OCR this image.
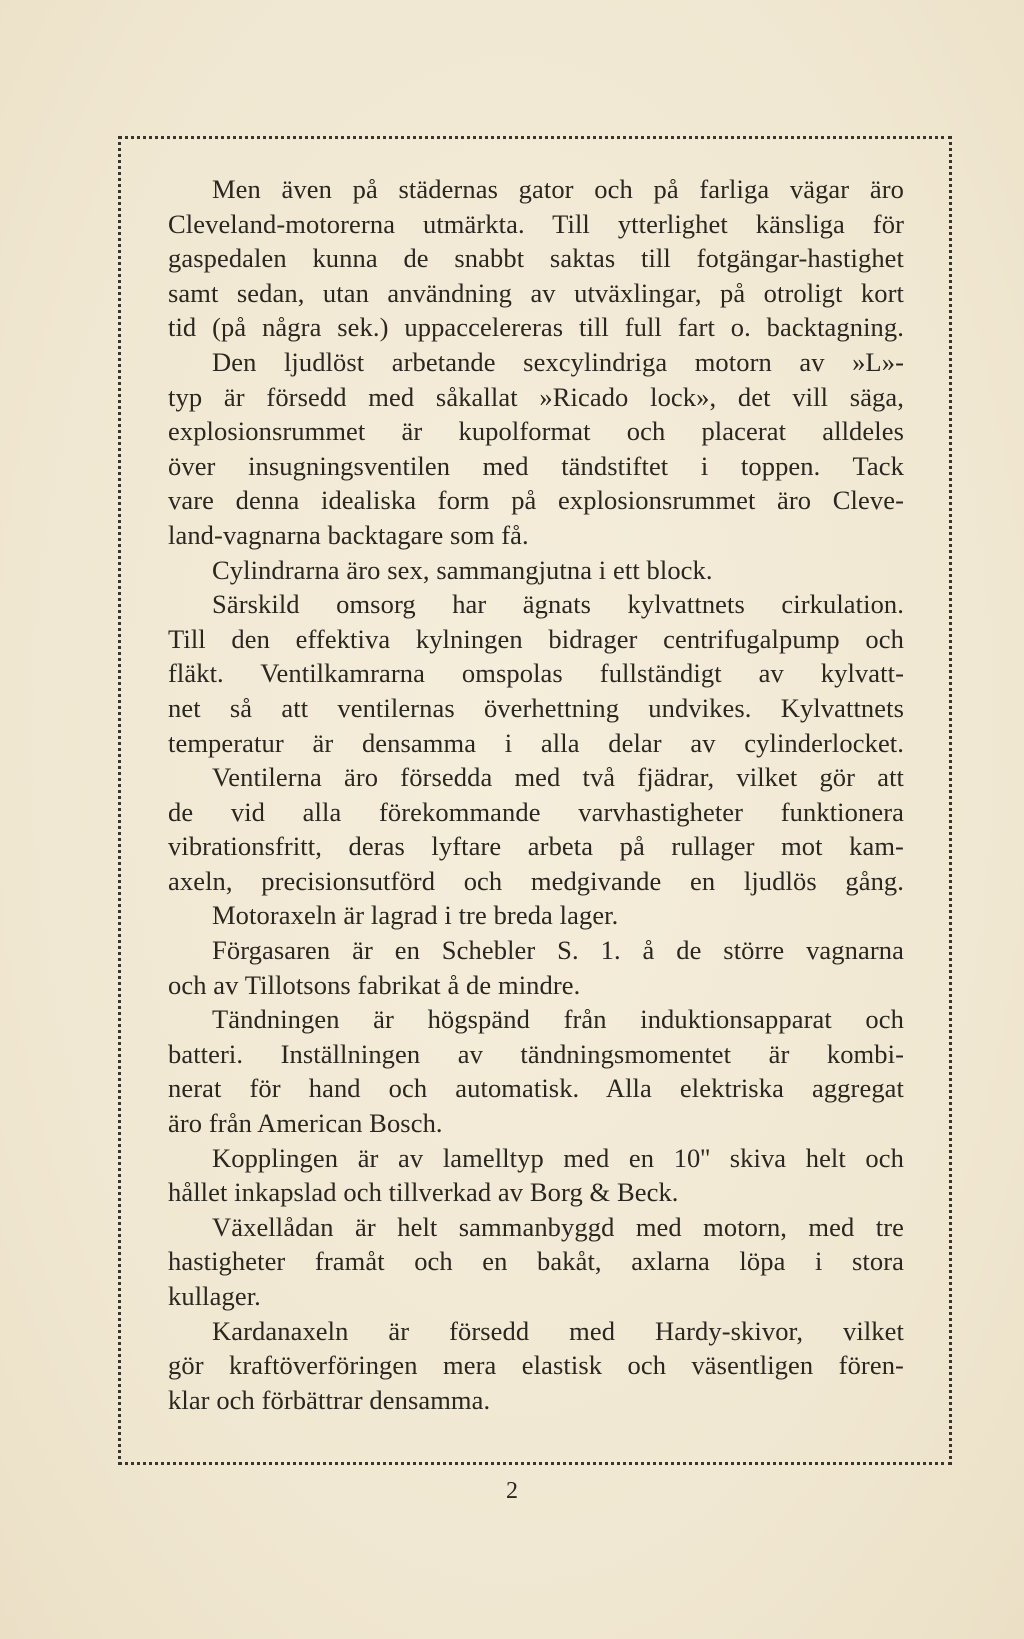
Men även på städernas gator och på farliga vägar äro
Cleveland-motorerna utmärkta. Till ytterlighet känsliga för
gaspedalen kunna de snabbt saktas till fotgängar-hastighet
samt sedan, utan användning av utväxlingar, på otroligt kort
tid (på några sek.) uppaccelereras till full fart o. backtagning.
Den ljudlöst arbetande sexcylindriga motorn av »L»-
typ är försedd med såkallat »Ricado lock», det vill säga,
explosionsrummet är kupolformat och placerat alldeles
över insugningsventilen med tändstiftet i toppen. Tack
vare denna idealiska form på explosionsrummet äro Cleve-
land-vagnarna backtagare som få.
Cylindrarna äro sex, sammangjutna i ett block.
Särskild omsorg har ägnats kylvattnets cirkulation.
Till den effektiva kylningen bidrager centrifugalpump och
fläkt. Ventilkamrarna omspolas fullständigt av kylvatt-
net så att ventilernas överhettning undvikes. Kylvattnets
temperatur är densamma i alla delar av cylinderlocket.
Ventilerna äro försedda med två fjädrar, vilket gör att
de vid alla förekommande varvhastigheter funktionera
vibrationsfritt, deras lyftare arbeta på rullager mot kam-
axeln, precisionsutförd och medgivande en ljudlös gång.
Motoraxeln är lagrad i tre breda lager.
Förgasaren är en Schebler S. 1. å de större vagnarna
och av Tillotsons fabrikat å de mindre.
Tändningen är högspänd från induktionsapparat och
batteri. Inställningen av tändningsmomentet är kombi-
nerat för hand och automatisk. Alla elektriska aggregat
äro från American Bosch.
Kopplingen är av lamelltyp med en 10'' skiva helt och
hållet inkapslad och tillverkad av Borg & Beck.
Växellådan är helt sammanbyggd med motorn, med tre
hastigheter framåt och en bakåt, axlarna löpa i stora
kullager.
Kardanaxeln är försedd med Hardy-skivor, vilket
gör kraftöverföringen mera elastisk och väsentligen fören-
klar och förbättrar densamma.
2
